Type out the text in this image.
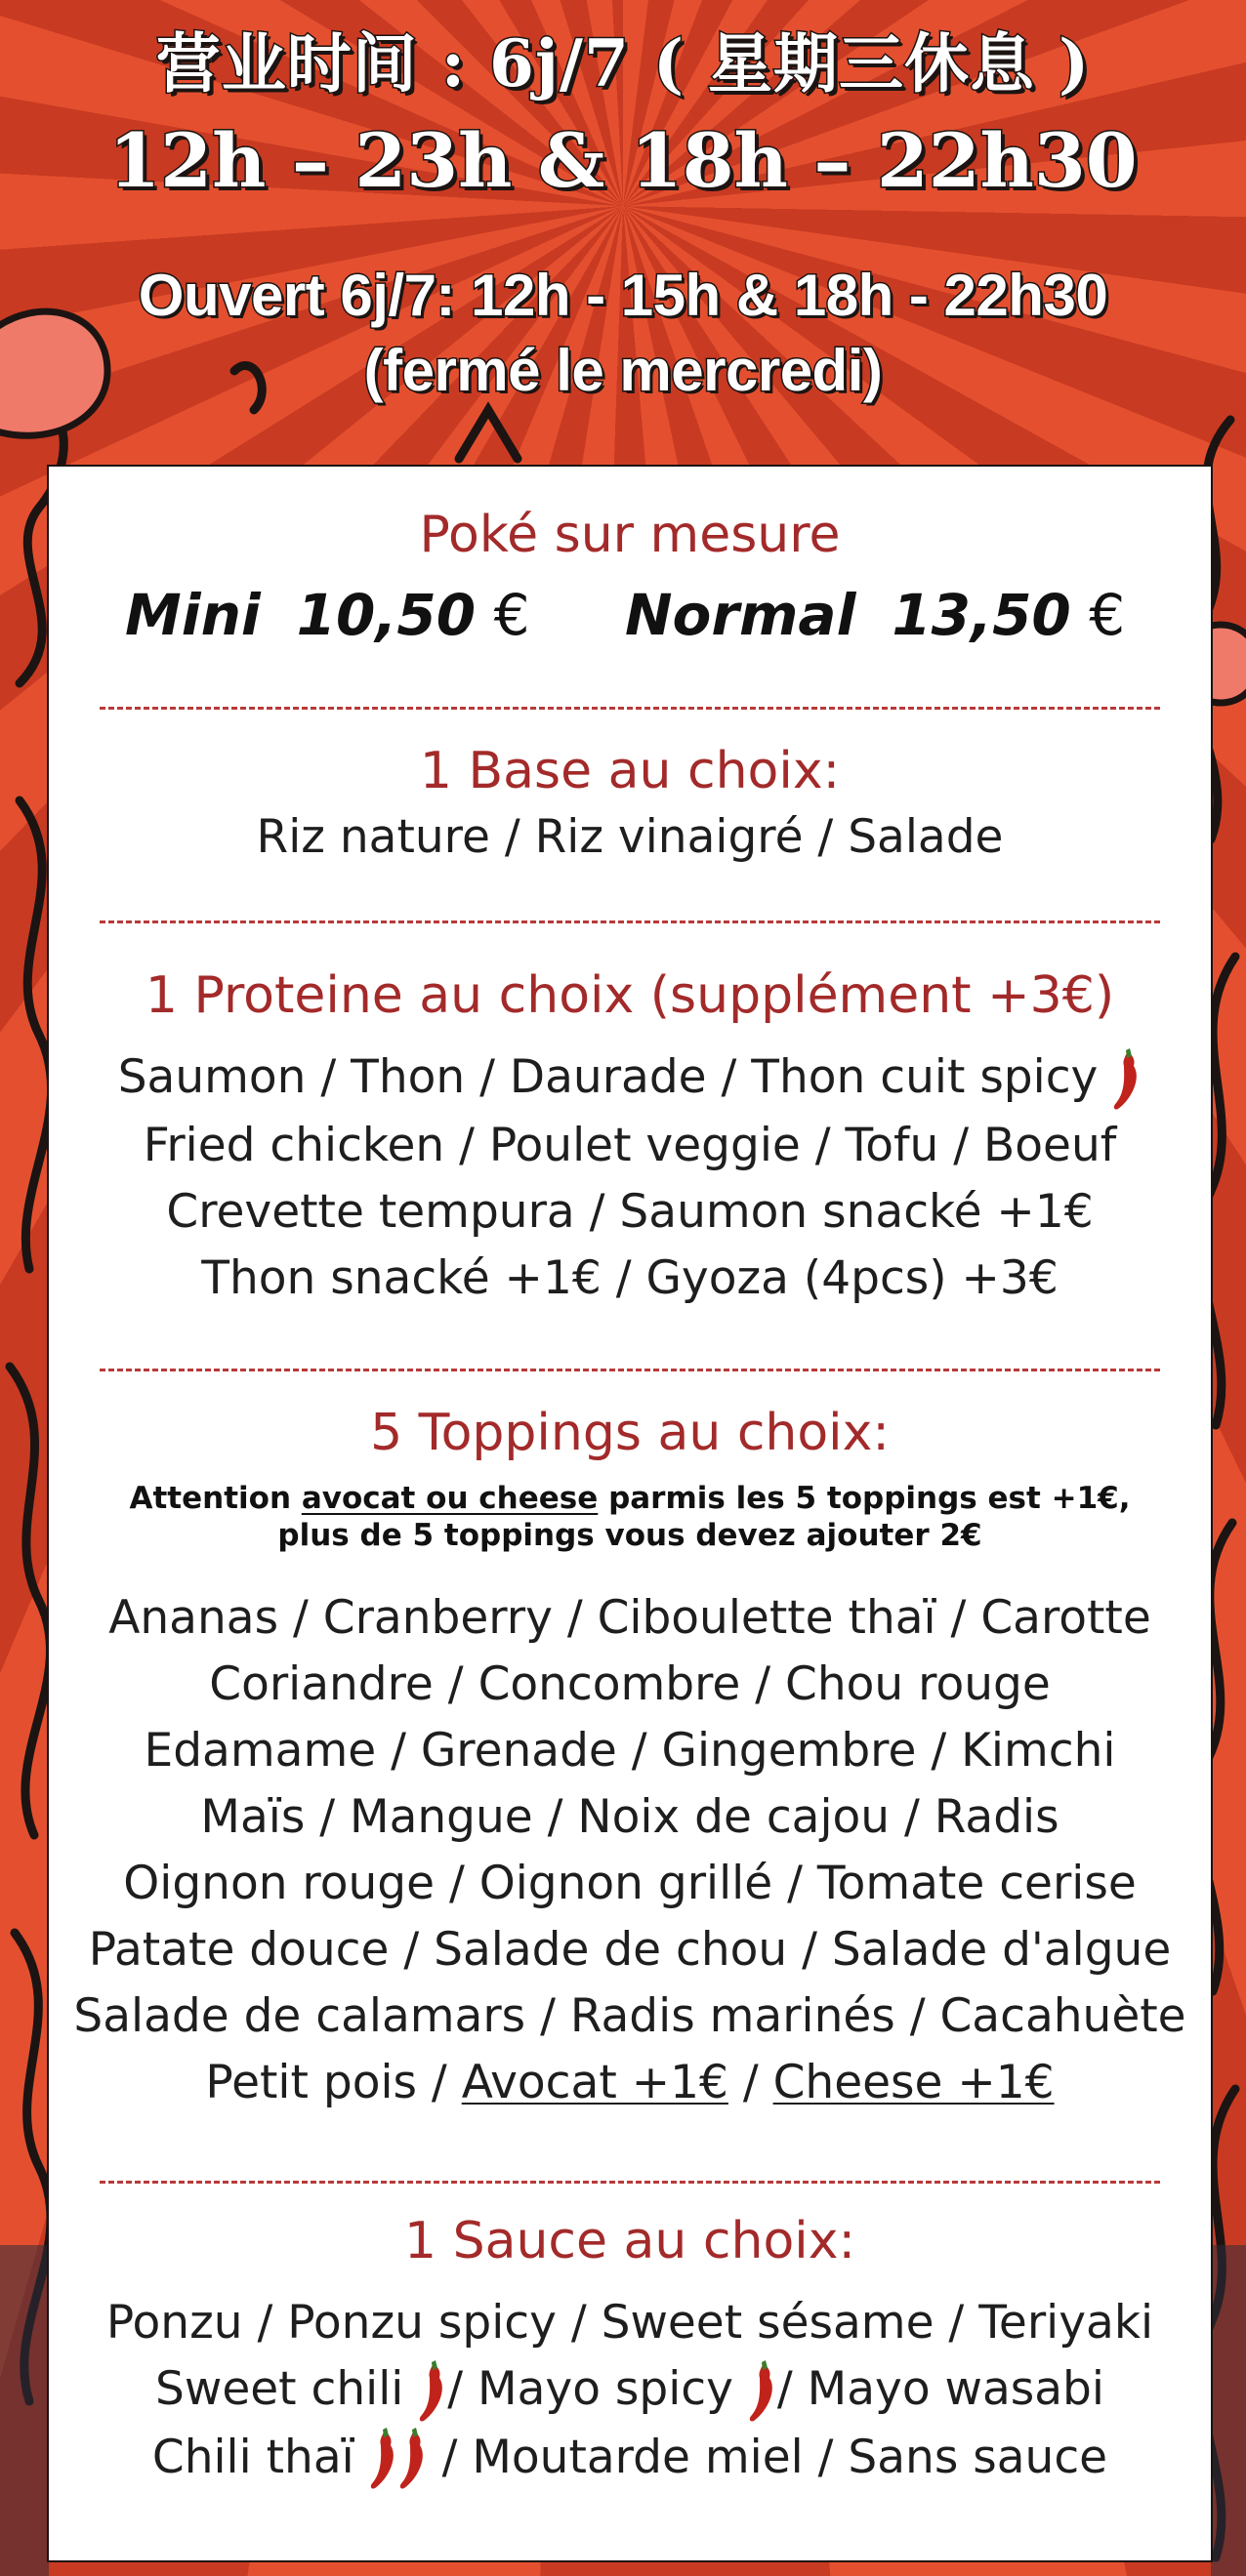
营业时间 : 6j/7 ( 星期三休息 )
12h – 23h & 18h – 22h30
Ouvert 6j/7: 12h - 15h & 18h - 22h30
(fermé le mercredi)
Poké sur mesure
Mini 10,50 € Normal 13,50 €
1 Base au choix:
Riz nature / Riz vinaigré / Salade
1 Proteine au choix (supplément +3€)
Saumon / Thon / Daurade / Thon cuit spicy
Fried chicken / Poulet veggie / Tofu / Boeuf
Crevette tempura / Saumon snacké +1€
Thon snacké +1€ / Gyoza (4pcs) +3€
5 Toppings au choix:
Attention avocat ou cheese parmis les 5 toppings est +1€,
plus de 5 toppings vous devez ajouter 2€
Ananas / Cranberry / Ciboulette thaï / Carotte
Coriandre / Concombre / Chou rouge
Edamame / Grenade / Gingembre / Kimchi
Maïs / Mangue / Noix de cajou / Radis
Oignon rouge / Oignon grillé / Tomate cerise
Patate douce / Salade de chou / Salade d'algue
Salade de calamars / Radis marinés / Cacahuète
Petit pois / Avocat +1€ / Cheese +1€
1 Sauce au choix:
Ponzu / Ponzu spicy / Sweet sésame / Teriyaki
Sweet chili / Mayo spicy / Mayo wasabi
Chili thaï  / Moutarde miel / Sans sauce
